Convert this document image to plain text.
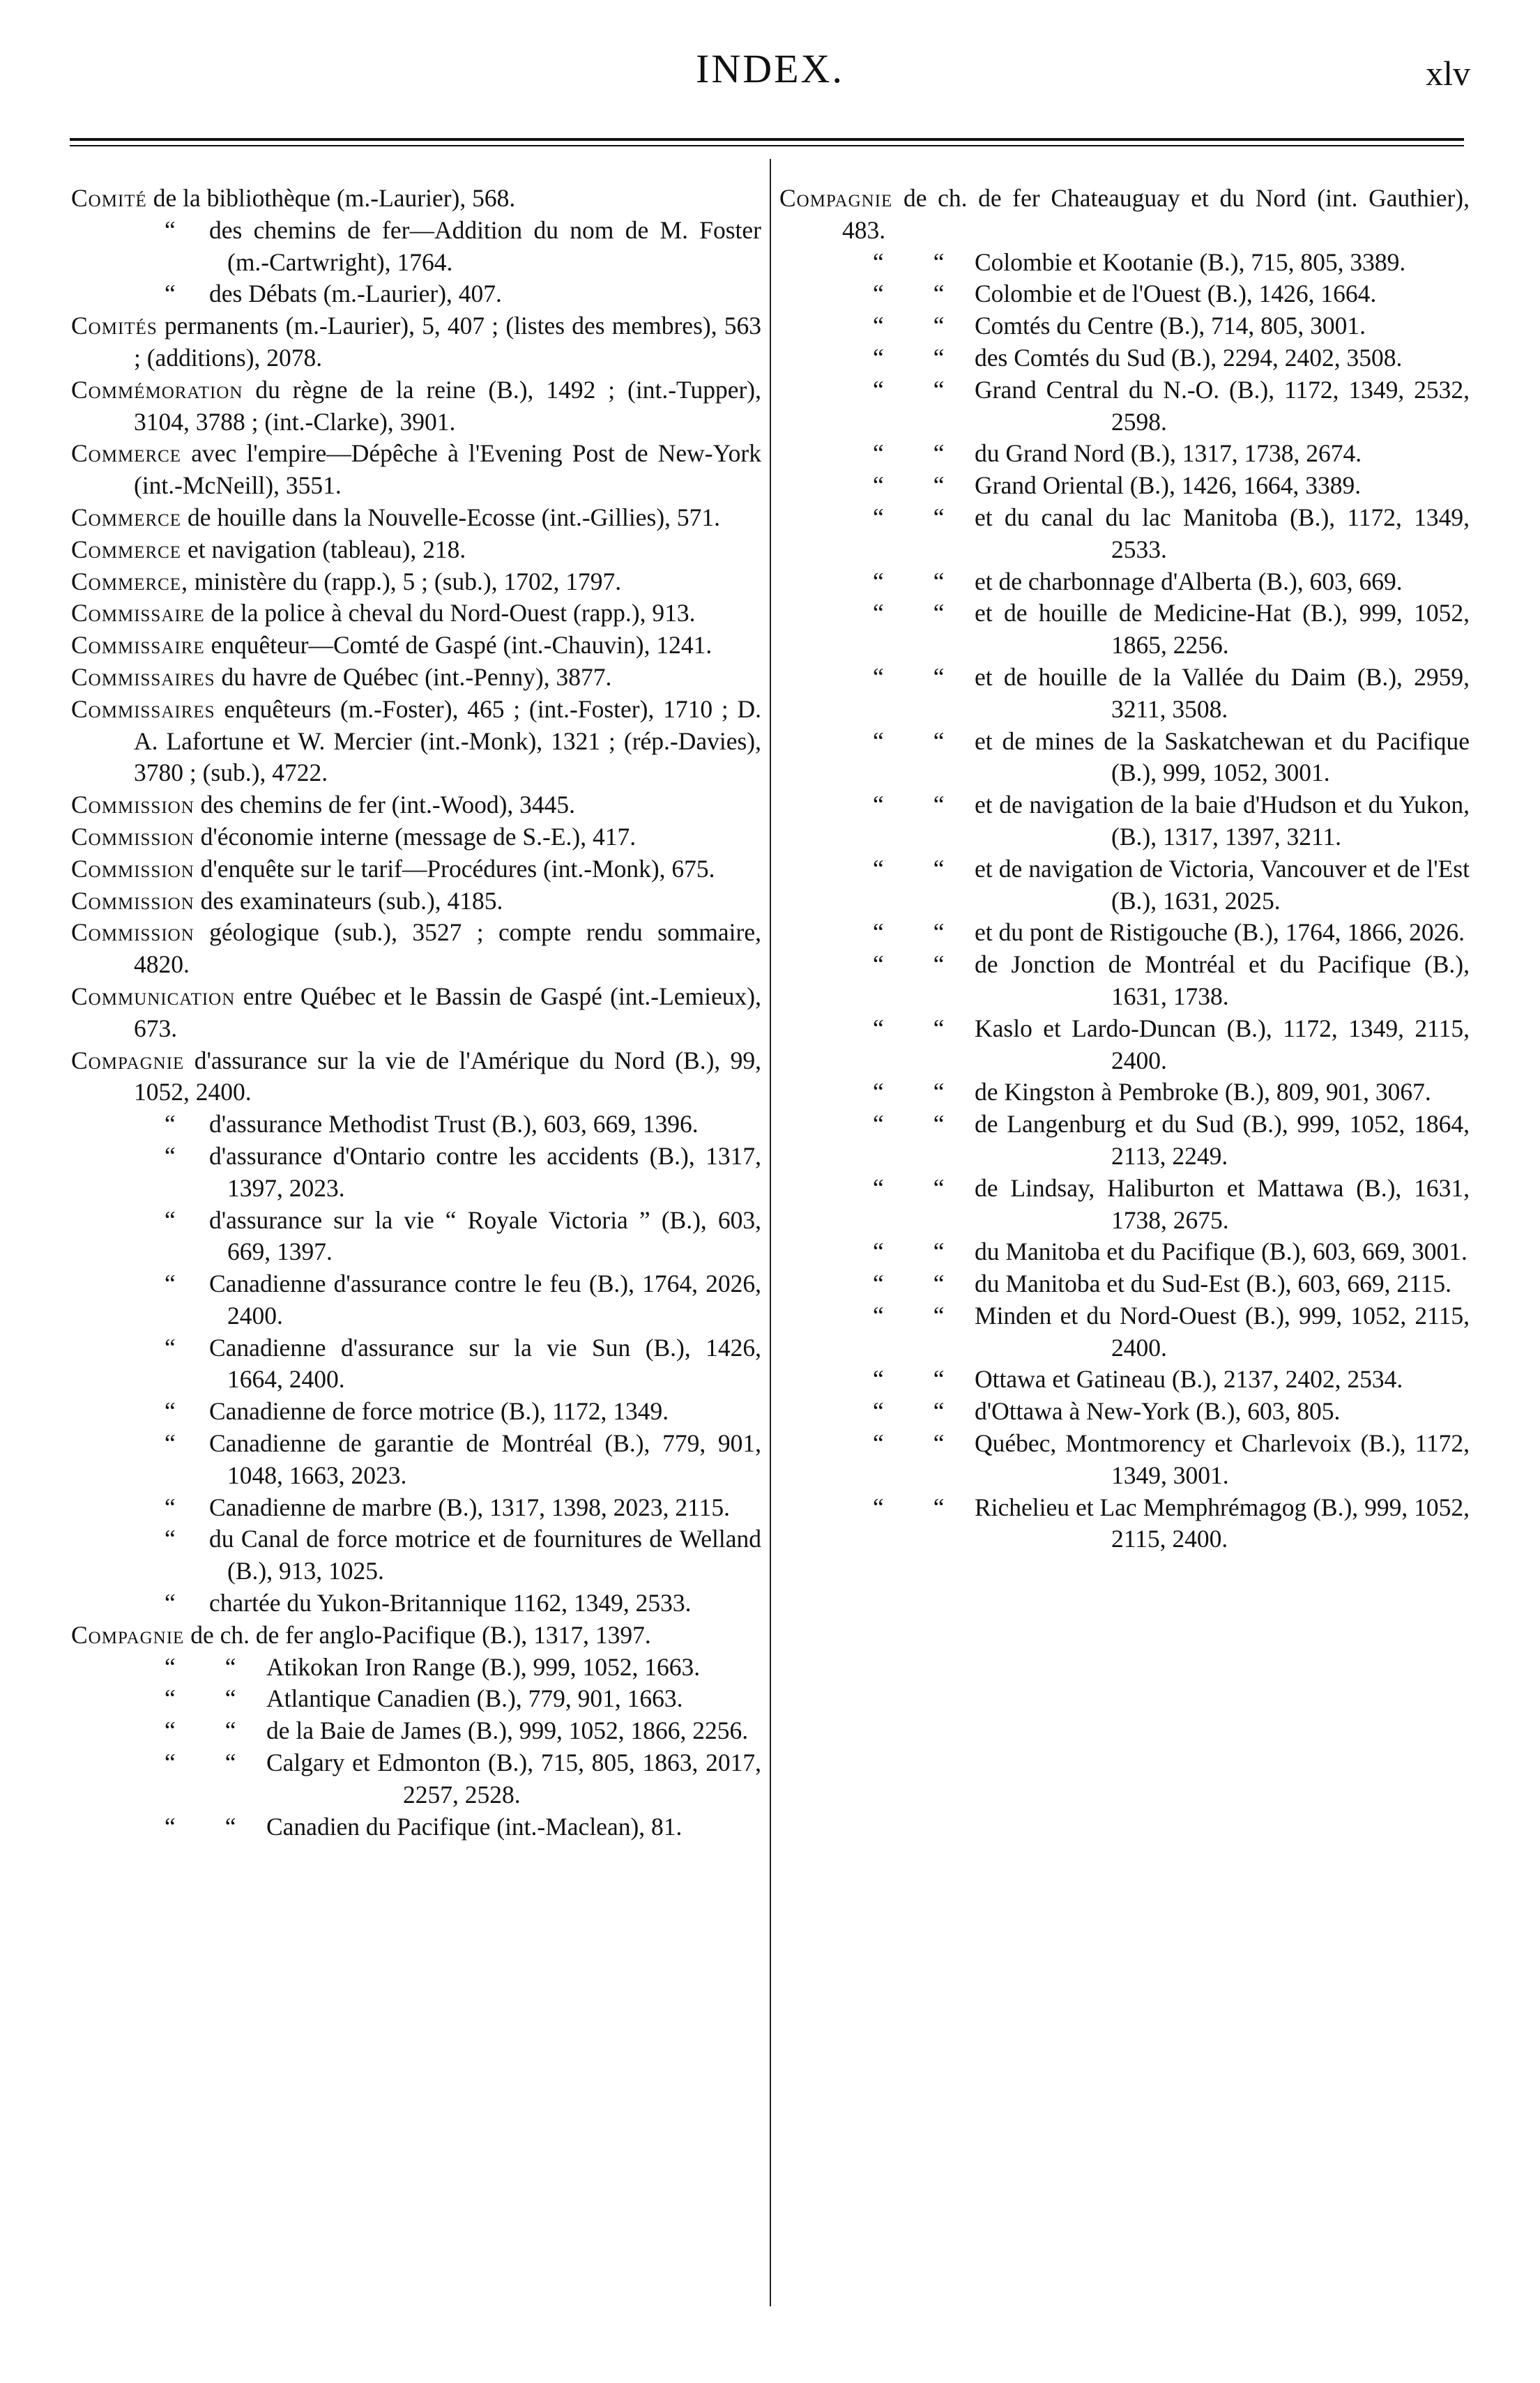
INDEX.	xlv

Comité de la bibliothèque (m.-Laurier), 568.

“ des chemins de fer—Addition du nom de M. Foster (m.-Cartwright), 1764.

“ des Débats (m.-Laurier), 407.

Comités permanents (m.-Laurier), 5, 407 ; (listes des membres), 563 ; (additions), 2078.

Commémoration du règne de la reine (B.), 1492 ; (int.-Tupper), 3104, 3788 ; (int.-Clarke), 3901.

Commerce avec l'empire—Dépêche à l'Evening Post de New-York (int.-McNeill), 3551.

Commerce de houille dans la Nouvelle-Ecosse (int.-Gillies), 571.

Commerce et navigation (tableau), 218.

Commerce, ministère du (rapp.), 5 ; (sub.), 1702, 1797.

Commissaire de la police à cheval du Nord-Ouest (rapp.), 913.

Commissaire enquêteur—Comté de Gaspé (int.-Chauvin), 1241.

Commissaires du havre de Québec (int.-Penny), 3877.

Commissaires enquêteurs (m.-Foster), 465 ; (int.-Foster), 1710 ; D. A. Lafortune et W. Mercier (int.-Monk), 1321 ; (rép.-Davies), 3780 ; (sub.), 4722.

Commission des chemins de fer (int.-Wood), 3445.

Commission d'économie interne (message de S.-E.), 417.

Commission d'enquête sur le tarif—Procédures (int.-Monk), 675.

Commission des examinateurs (sub.), 4185.

Commission géologique (sub.), 3527 ; compte rendu sommaire, 4820.

Communication entre Québec et le Bassin de Gaspé (int.-Lemieux), 673.

Compagnie d'assurance sur la vie de l'Amérique du Nord (B.), 99, 1052, 2400.

“ d'assurance Methodist Trust (B.), 603, 669, 1396.

“ d'assurance d'Ontario contre les accidents (B.), 1317, 1397, 2023.

“ d'assurance sur la vie “ Royale Victoria ” (B.), 603, 669, 1397.

“ Canadienne d'assurance contre le feu (B.), 1764, 2026, 2400.

“ Canadienne d'assurance sur la vie Sun (B.), 1426, 1664, 2400.

“ Canadienne de force motrice (B.), 1172, 1349.

“ Canadienne de garantie de Montréal (B.), 779, 901, 1048, 1663, 2023.

“ Canadienne de marbre (B.), 1317, 1398, 2023, 2115.

“ du Canal de force motrice et de fournitures de Welland (B.), 913, 1025.

“ chartée du Yukon-Britannique 1162, 1349, 2533.

Compagnie de ch. de fer anglo-Pacifique (B.), 1317, 1397.

“        “ Atikokan Iron Range (B.), 999, 1052, 1663.

“        “ Atlantique Canadien (B.), 779, 901, 1663.

“        “ de la Baie de James (B.), 999, 1052, 1866, 2256.

“        “ Calgary et Edmonton (B.), 715, 805, 1863, 2017, 2257, 2528.

“        “ Canadien du Pacifique (int.-Maclean), 81.

Compagnie de ch. de fer Chateauguay et du Nord (int. Gauthier), 483.

“        “ Colombie et Kootanie (B.), 715, 805, 3389.

“        “ Colombie et de l'Ouest (B.), 1426, 1664.

“        “ Comtés du Centre (B.), 714, 805, 3001.

“        “ des Comtés du Sud (B.), 2294, 2402, 3508.

“        “ Grand Central du N.-O. (B.), 1172, 1349, 2532, 2598.

“        “ du Grand Nord (B.), 1317, 1738, 2674.

“        “ Grand Oriental (B.), 1426, 1664, 3389.

“        “ et du canal du lac Manitoba (B.), 1172, 1349, 2533.

“        “ et de charbonnage d'Alberta (B.), 603, 669.

“        “ et de houille de Medicine-Hat (B.), 999, 1052, 1865, 2256.

“        “ et de houille de la Vallée du Daim (B.), 2959, 3211, 3508.

“        “ et de mines de la Saskatchewan et du Pacifique (B.), 999, 1052, 3001.

“        “ et de navigation de la baie d'Hudson et du Yukon, (B.), 1317, 1397, 3211.

“        “ et de navigation de Victoria, Vancouver et de l'Est (B.), 1631, 2025.

“        “ et du pont de Ristigouche (B.), 1764, 1866, 2026.

“        “ de Jonction de Montréal et du Pacifique (B.), 1631, 1738.

“        “ Kaslo et Lardo-Duncan (B.), 1172, 1349, 2115, 2400.

“        “ de Kingston à Pembroke (B.), 809, 901, 3067.

“        “ de Langenburg et du Sud (B.), 999, 1052, 1864, 2113, 2249.

“        “ de Lindsay, Haliburton et Mattawa (B.), 1631, 1738, 2675.

“        “ du Manitoba et du Pacifique (B.), 603, 669, 3001.

“        “ du Manitoba et du Sud-Est (B.), 603, 669, 2115.

“        “ Minden et du Nord-Ouest (B.), 999, 1052, 2115, 2400.

“        “ Ottawa et Gatineau (B.), 2137, 2402, 2534.

“        “ d'Ottawa à New-York (B.), 603, 805.

“        “ Québec, Montmorency et Charlevoix (B.), 1172, 1349, 3001.

“        “ Richelieu et Lac Memphrémagog (B.), 999, 1052, 2115, 2400.
